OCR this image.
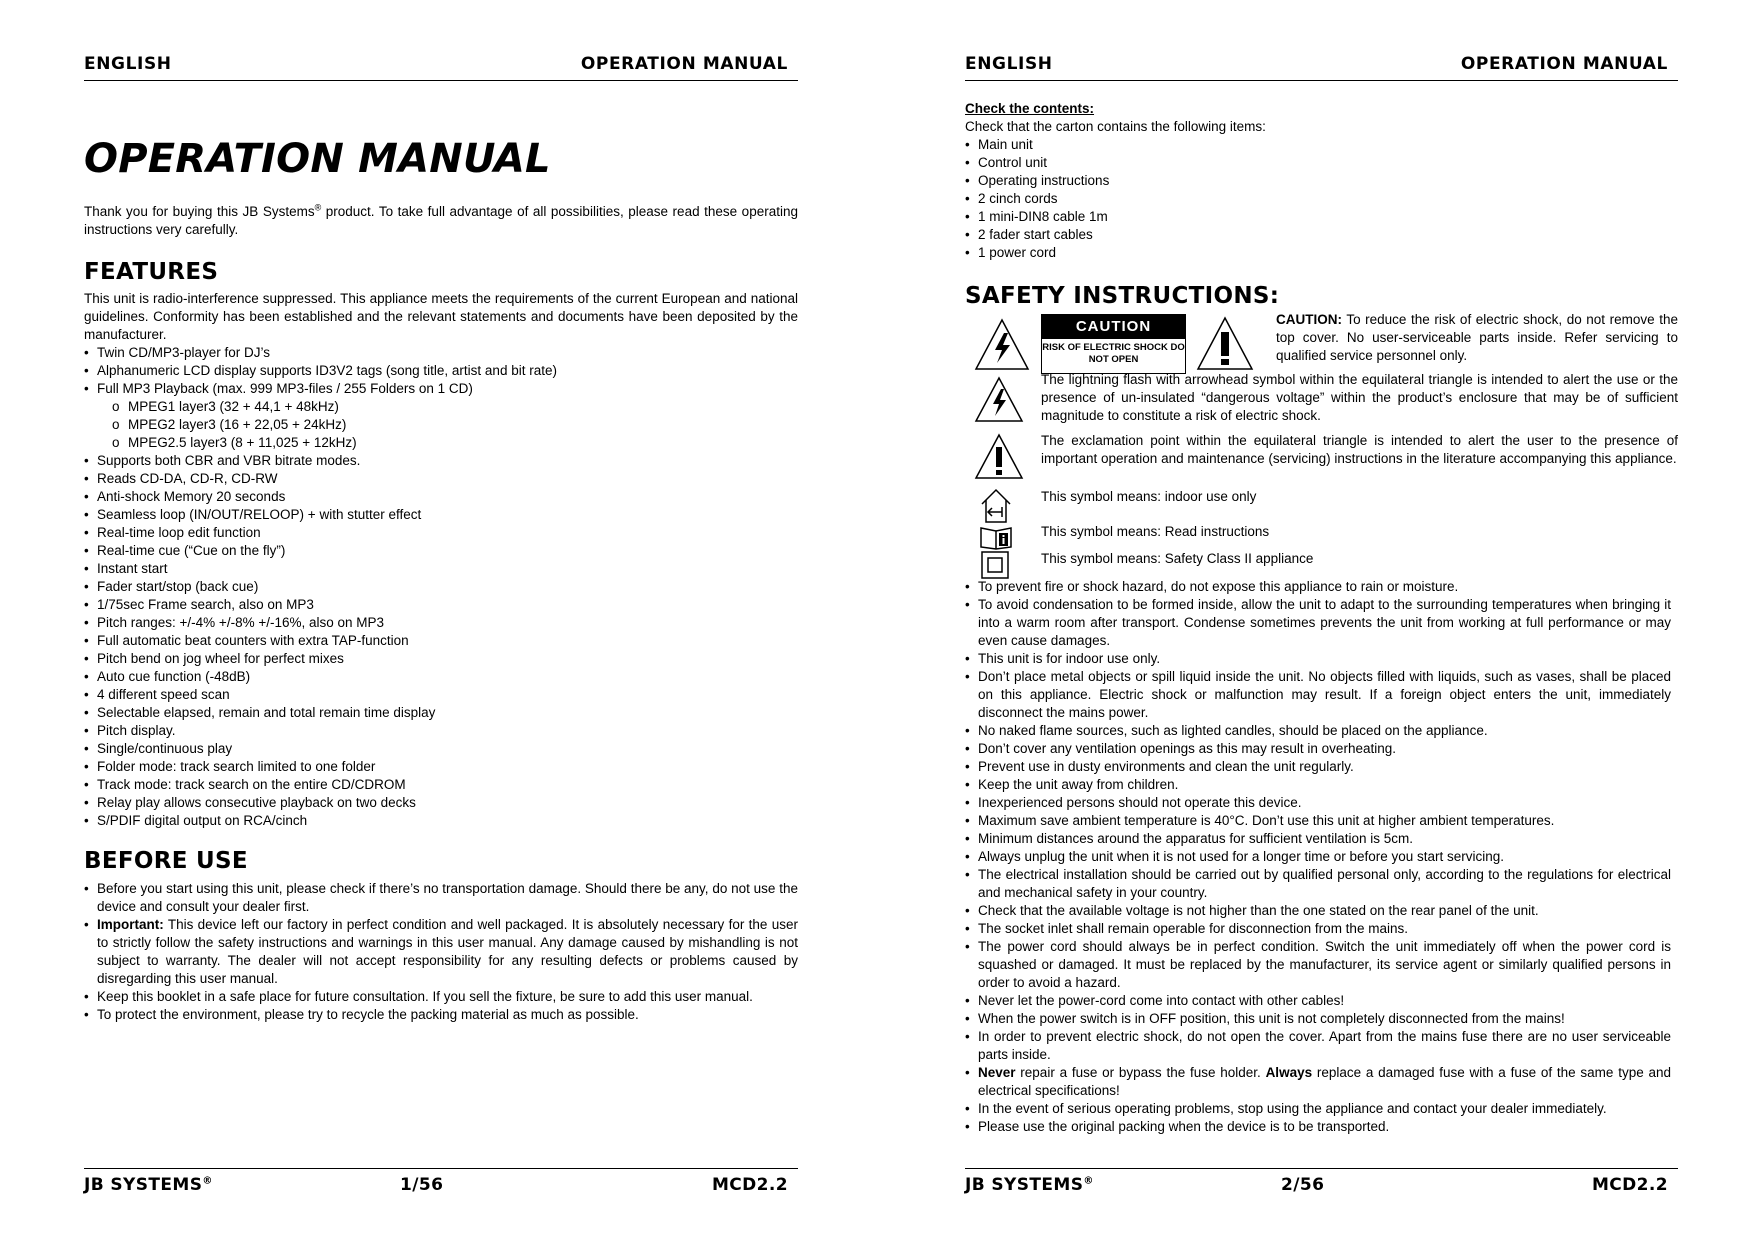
ENGLISH	OPERATION MANUAL
OPERATION MANUAL

Thank you for buying this JB Systems® product. To take full advantage of all possibilities, please read these operating instructions very carefully.

FEATURES

This unit is radio-interference suppressed. This appliance meets the requirements of the current European and national guidelines. Conformity has been established and the relevant statements and documents have been deposited by the manufacturer.

• Twin CD/MP3-player for DJ’s
• Alphanumeric LCD display supports ID3V2 tags (song title, artist and bit rate)
• Full MP3 Playback (max. 999 MP3-files / 255 Folders on 1 CD)
o MPEG1 layer3 (32 + 44,1 + 48kHz)
o MPEG2 layer3 (16 + 22,05 + 24kHz)
o MPEG2.5 layer3 (8 + 11,025 + 12kHz)
• Supports both CBR and VBR bitrate modes.
• Reads CD-DA, CD-R, CD-RW
• Anti-shock Memory 20 seconds
• Seamless loop (IN/OUT/RELOOP) + with stutter effect
• Real-time loop edit function
• Real-time cue (“Cue on the fly”)
• Instant start
• Fader start/stop (back cue)
• 1/75sec Frame search, also on MP3
• Pitch ranges: +/-4% +/-8% +/-16%, also on MP3
• Full automatic beat counters with extra TAP-function
• Pitch bend on jog wheel for perfect mixes
• Auto cue function (-48dB)
• 4 different speed scan
• Selectable elapsed, remain and total remain time display
• Pitch display.
• Single/continuous play
• Folder mode: track search limited to one folder
• Track mode: track search on the entire CD/CDROM
• Relay play allows consecutive playback on two decks
• S/PDIF digital output on RCA/cinch
BEFORE USE
• Before you start using this unit, please check if there’s no transportation damage. Should there be any, do not use the device and consult your dealer first.
• Important: This device left our factory in perfect condition and well packaged. It is absolutely necessary for the user to strictly follow the safety instructions and warnings in this user manual. Any damage caused by mishandling is not subject to warranty. The dealer will not accept responsibility for any resulting defects or problems caused by disregarding this user manual.
• Keep this booklet in a safe place for future consultation. If you sell the fixture, be sure to add this user manual.
• To protect the environment, please try to recycle the packing material as much as possible.
JB SYSTEMS®	1/56	MCD2.2
ENGLISH	OPERATION MANUAL
Check the contents:
Check that the carton contains the following items:
• Main unit
• Control unit
• Operating instructions
• 2 cinch cords
• 1 mini-DIN8 cable 1m
• 2 fader start cables
• 1 power cord
SAFETY INSTRUCTIONS:
CAUTION
RISK OF ELECTRIC SHOCK DO NOT OPEN

CAUTION: To reduce the risk of electric shock, do not remove the top cover. No user-serviceable parts inside. Refer servicing to qualified service personnel only.

The lightning flash with arrowhead symbol within the equilateral triangle is intended to alert the use or the presence of un-insulated “dangerous voltage” within the product’s enclosure that may be of sufficient magnitude to constitute a risk of electric shock.

The exclamation point within the equilateral triangle is intended to alert the user to the presence of important operation and maintenance (servicing) instructions in the literature accompanying this appliance.

This symbol means: indoor use only

This symbol means: Read instructions

This symbol means: Safety Class II appliance

• To prevent fire or shock hazard, do not expose this appliance to rain or moisture.
• To avoid condensation to be formed inside, allow the unit to adapt to the surrounding temperatures when bringing it into a warm room after transport. Condense sometimes prevents the unit from working at full performance or may even cause damages.
• This unit is for indoor use only.
• Don’t place metal objects or spill liquid inside the unit. No objects filled with liquids, such as vases, shall be placed on this appliance. Electric shock or malfunction may result. If a foreign object enters the unit, immediately disconnect the mains power.
• No naked flame sources, such as lighted candles, should be placed on the appliance.
• Don’t cover any ventilation openings as this may result in overheating.
• Prevent use in dusty environments and clean the unit regularly.
• Keep the unit away from children.
• Inexperienced persons should not operate this device.
• Maximum save ambient temperature is 40°C. Don’t use this unit at higher ambient temperatures.
• Minimum distances around the apparatus for sufficient ventilation is 5cm.
• Always unplug the unit when it is not used for a longer time or before you start servicing.
• The electrical installation should be carried out by qualified personal only, according to the regulations for electrical and mechanical safety in your country.
• Check that the available voltage is not higher than the one stated on the rear panel of the unit.
• The socket inlet shall remain operable for disconnection from the mains.
• The power cord should always be in perfect condition. Switch the unit immediately off when the power cord is squashed or damaged. It must be replaced by the manufacturer, its service agent or similarly qualified persons in order to avoid a hazard.
• Never let the power-cord come into contact with other cables!
• When the power switch is in OFF position, this unit is not completely disconnected from the mains!
• In order to prevent electric shock, do not open the cover. Apart from the mains fuse there are no user serviceable parts inside.
• Never repair a fuse or bypass the fuse holder. Always replace a damaged fuse with a fuse of the same type and electrical specifications!
• In the event of serious operating problems, stop using the appliance and contact your dealer immediately.
• Please use the original packing when the device is to be transported.
JB SYSTEMS®	2/56	MCD2.2
